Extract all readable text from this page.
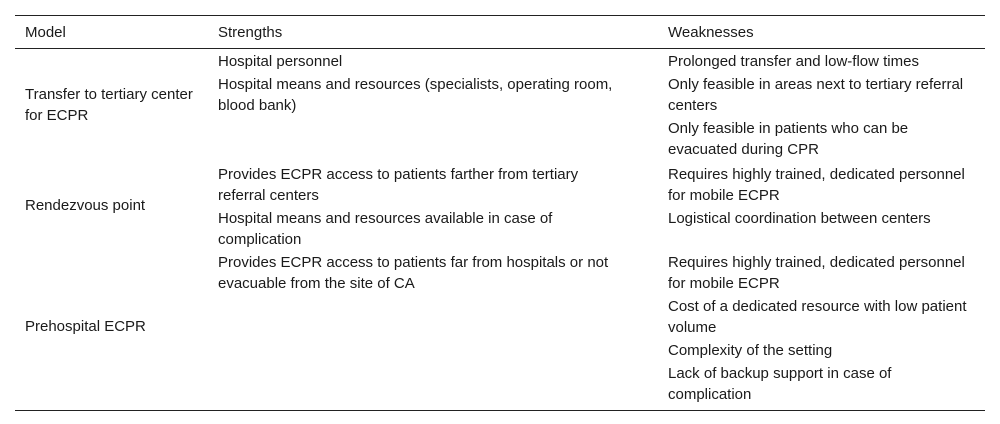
Model	Strengths	Weaknesses
Transfer to tertiary center for ECPR
Hospital personnel
Hospital means and resources (specialists, operating room, blood bank)
Prolonged transfer and low-flow times
Only feasible in areas next to tertiary referral centers
Only feasible in patients who can be evacuated during CPR
Rendezvous point
Provides ECPR access to patients farther from tertiary referral centers
Hospital means and resources available in case of complication
Requires highly trained, dedicated personnel for mobile ECPR
Logistical coordination between centers
Prehospital ECPR
Provides ECPR access to patients far from hospitals or not evacuable from the site of CA
Requires highly trained, dedicated personnel for mobile ECPR
Cost of a dedicated resource with low patient volume
Complexity of the setting
Lack of backup support in case of complication
